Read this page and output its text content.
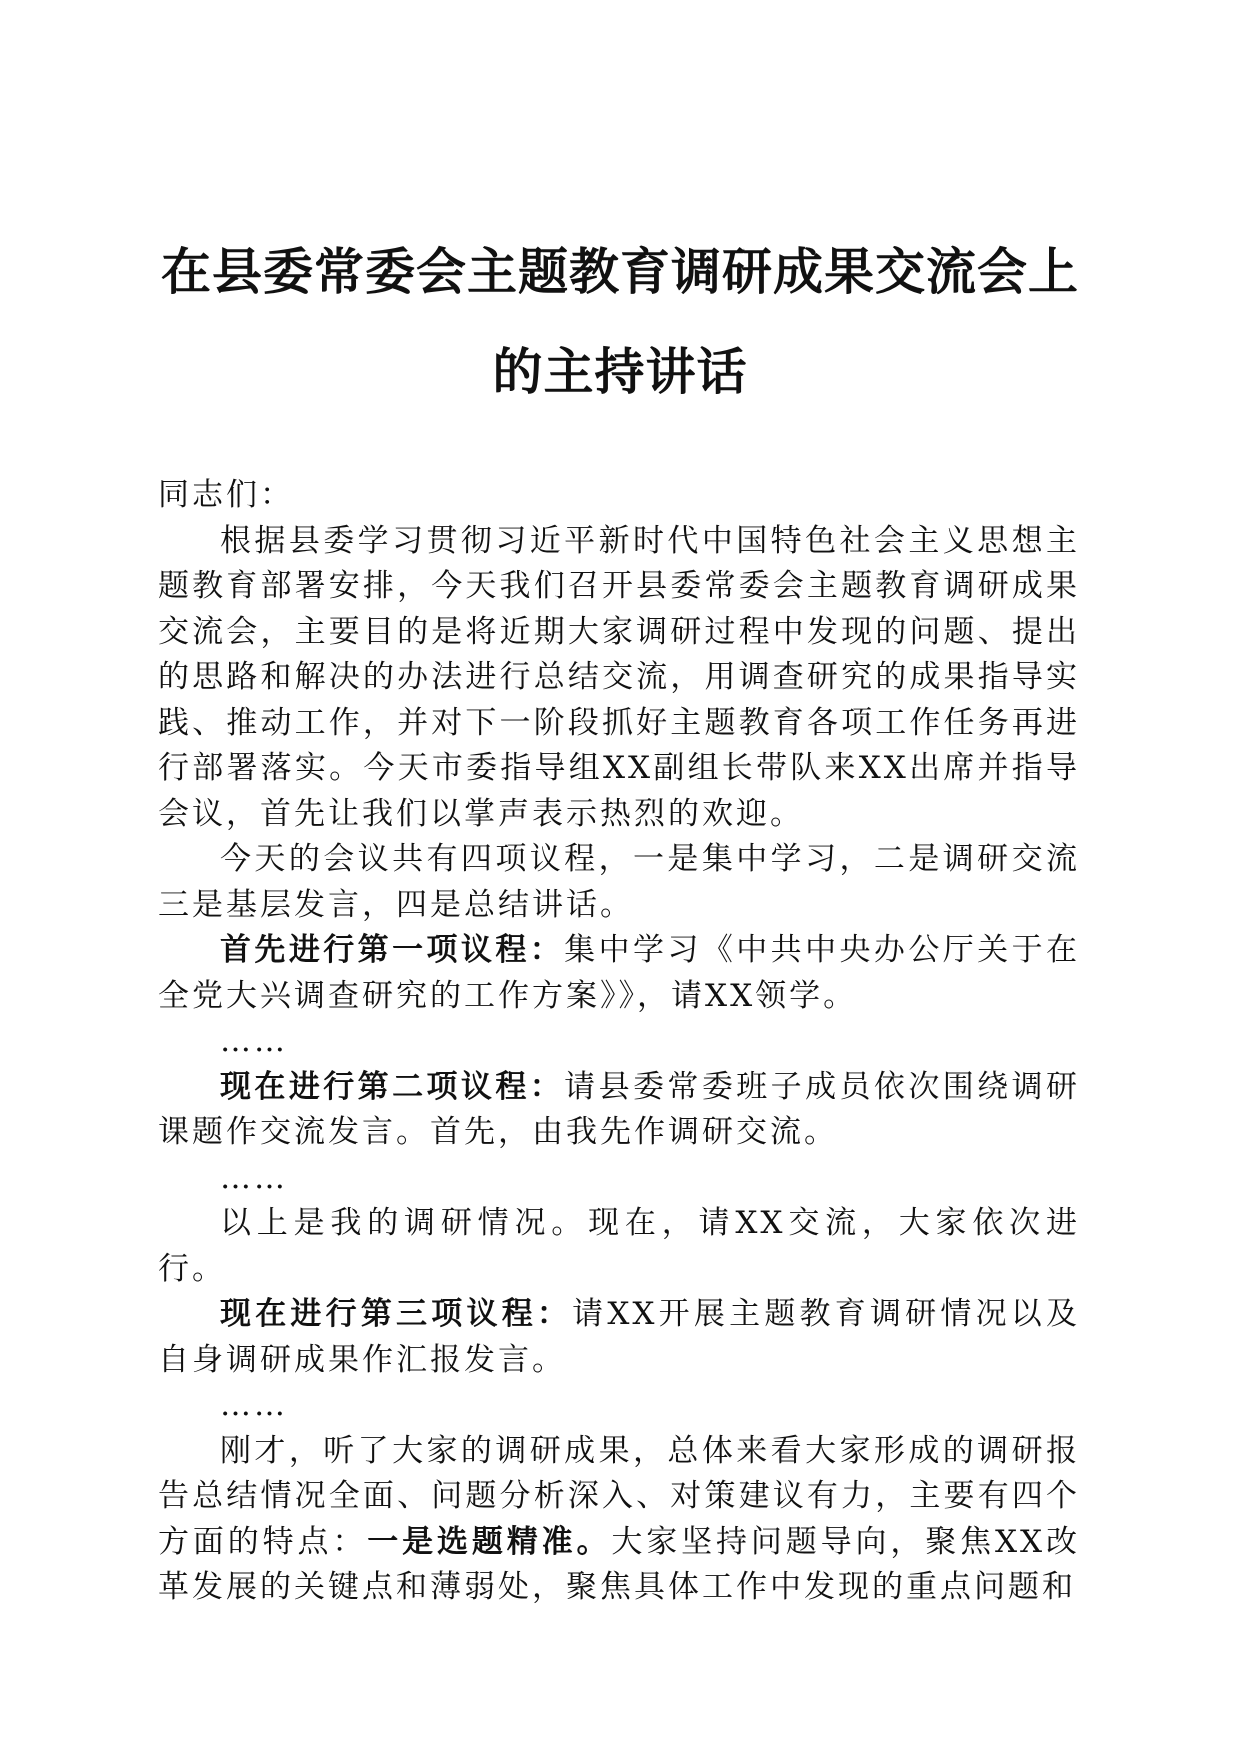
在县委常委会主题教育调研成果交流会上的主持讲话

同志们：

根据县委学习贯彻习近平新时代中国特色社会主义思想主题教育部署安排，今天我们召开县委常委会主题教育调研成果交流会，主要目的是将近期大家调研过程中发现的问题、提出的思路和解决的办法进行总结交流，用调查研究的成果指导实践、推动工作，并对下一阶段抓好主题教育各项工作任务再进行部署落实。今天市委指导组XX副组长带队来XX出席并指导会议，首先让我们以掌声表示热烈的欢迎。

今天的会议共有四项议程，一是集中学习，二是调研交流三是基层发言，四是总结讲话。

首先进行第一项议程：集中学习《中共中央办公厅关于在全党大兴调查研究的工作方案》》，请XX领学。

……

现在进行第二项议程：请县委常委班子成员依次围绕调研课题作交流发言。首先，由我先作调研交流。

……

以上是我的调研情况。现在，请XX交流，大家依次进行。

现在进行第三项议程：请XX开展主题教育调研情况以及自身调研成果作汇报发言。

……

刚才，听了大家的调研成果，总体来看大家形成的调研报告总结情况全面、问题分析深入、对策建议有力，主要有四个方面的特点：一是选题精准。大家坚持问题导向，聚焦XX改革发展的关键点和薄弱处，聚焦具体工作中发现的重点问题和
